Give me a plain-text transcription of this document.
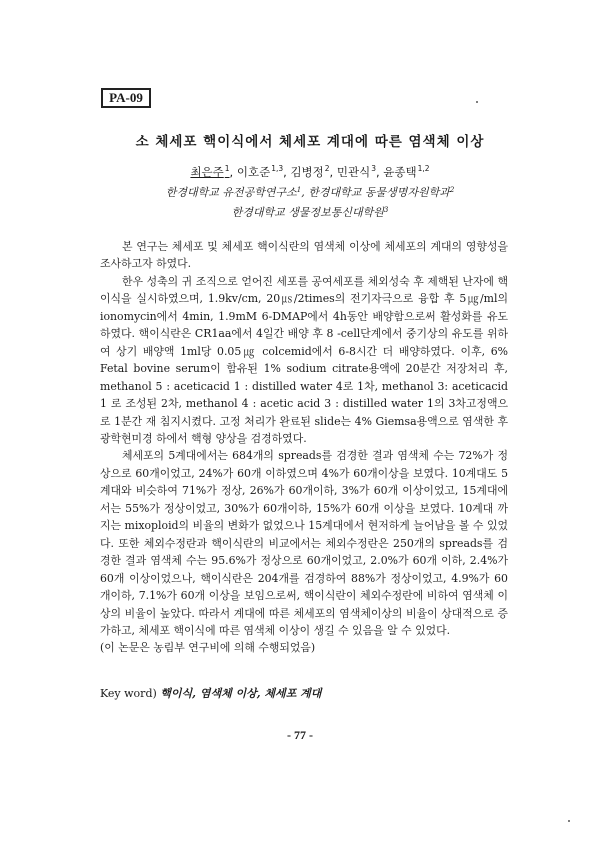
PA-09
소 체세포 핵이식에서 체세포 계대에 따른 염색체 이상
최은주$^1$, 이호준$^{1,3}$, 김병정$^2$, 민관식$^3$, 윤종택$^{1,2}$
한경대학교 유전공학연구소$^1$, 한경대학교 동물생명자원학과$^2$
한경대학교 생물정보통신대학원$^3$

본 연구는 체세포 및 체세포 핵이식란의 염색체 이상에 체세포의 계대의 영향성을 조사하고자 하였다.

한우 성축의 귀 조직으로 얻어진 세포를 공여세포를 체외성숙 후 제핵된 난자에 핵이식을 실시하였으며, 1.9kv/cm, 20㎲/2times의 전기자극으로 융합 후 5㎍/ml의 ionomycin에서 4min, 1.9mM 6-DMAP에서 4h동안 배양함으로써 활성화를 유도하였다. 핵이식란은 CR1aa에서 4일간 배양 후 8 -cell단계에서 중기상의 유도를 위하여 상기 배양액 1ml당 0.05㎍ colcemid에서 6-8시간 더 배양하였다. 이후, 6% Fetal bovine serum이 함유된 1% sodium citrate용액에 20분간 저장처리 후, methanol 5 : aceticacid 1 : distilled water 4로 1차, methanol 3: aceticacid 1 로 조성된 2차, methanol 4 : acetic acid 3 : distilled water 1의 3차고정액으로 1분간 재 침지시켰다. 고정 처리가 완료된 slide는 4% Giemsa용액으로 염색한 후 광학현미경 하에서 핵형 양상을 검경하였다.

체세포의 5계대에서는 684개의 spreads를 검경한 결과 염색체 수는 72%가 정상으로 60개이었고, 24%가 60개 이하였으며 4%가 60개이상을 보였다. 10계대도 5계대와 비슷하여 71%가 정상, 26%가 60개이하, 3%가 60개 이상이었고, 15계대에서는 55%가 정상이었고, 30%가 60개이하, 15%가 60개 이상을 보였다. 10계대 까지는 mixoploid의 비율의 변화가 없었으나 15계대에서 현저하게 늘어남을 볼 수 있었다. 또한 체외수정란과 핵이식란의 비교에서는 체외수정란은 250개의 spreads를 검경한 결과 염색체 수는 95.6%가 정상으로 60개이었고, 2.0%가 60개 이하, 2.4%가 60개 이상이었으나, 핵이식란은 204개를 검경하여 88%가 정상이었고, 4.9%가 60개이하, 7.1%가 60개 이상을 보임으로써, 핵이식란이 체외수정란에 비하여 염색체 이상의 비율이 높았다. 따라서 계대에 따른 체세포의 염색체이상의 비율이 상대적으로 증가하고, 체세포 핵이식에 따른 염색체 이상이 생길 수 있음을 알 수 있었다.

(이 논문은 농림부 연구비에 의해 수행되었음)

Key word) 핵이식, 염색체 이상, 체세포 계대
- 77 -
